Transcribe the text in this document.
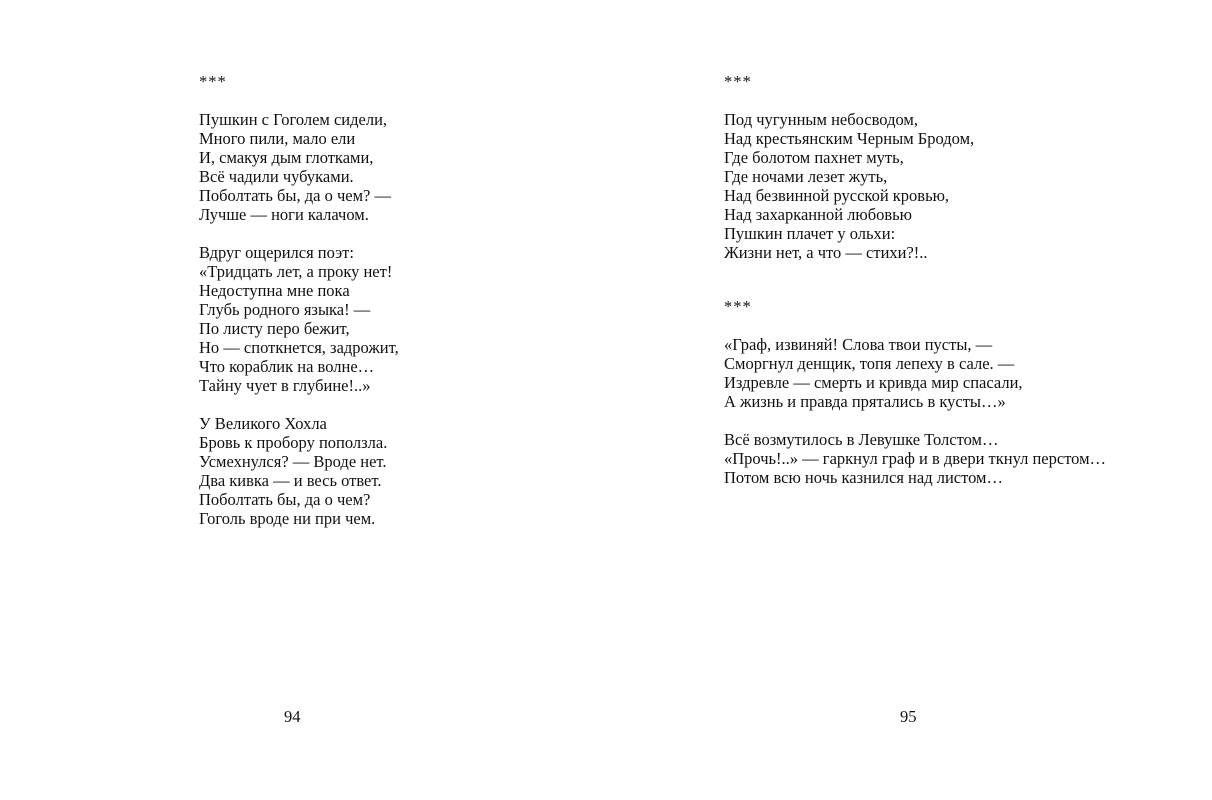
***
Пушкин с Гоголем сидели,
Много пили, мало ели
И, смакуя дым глотками,
Всё чадили чубуками.
Поболтать бы, да о чем? —
Лучше — ноги калачом.
Вдруг ощерился поэт:
«Тридцать лет, а проку нет!
Недоступна мне пока
Глубь родного языка! —
По листу перо бежит,
Но — споткнется, задрожит,
Что кораблик на волне…
Тайну чует в глубине!..»
У Великого Хохла
Бровь к пробору поползла.
Усмехнулся? — Вроде нет.
Два кивка — и весь ответ.
Поболтать бы, да о чем?
Гоголь вроде ни при чем.
94
***
Под чугунным небосводом,
Над крестьянским Черным Бродом,
Где болотом пахнет муть,
Где ночами лезет жуть,
Над безвинной русской кровью,
Над захарканной любовью
Пушкин плачет у ольхи:
Жизни нет, а что — стихи?!..
***
«Граф, извиняй! Слова твои пусты, —
Сморгнул денщик, топя лепеху в сале. —
Издревле — смерть и кривда мир спасали,
А жизнь и правда прятались в кусты…»
Всё возмутилось в Левушке Толстом…
«Прочь!..» — гаркнул граф и в двери ткнул перстом…
Потом всю ночь казнился над листом…
95
